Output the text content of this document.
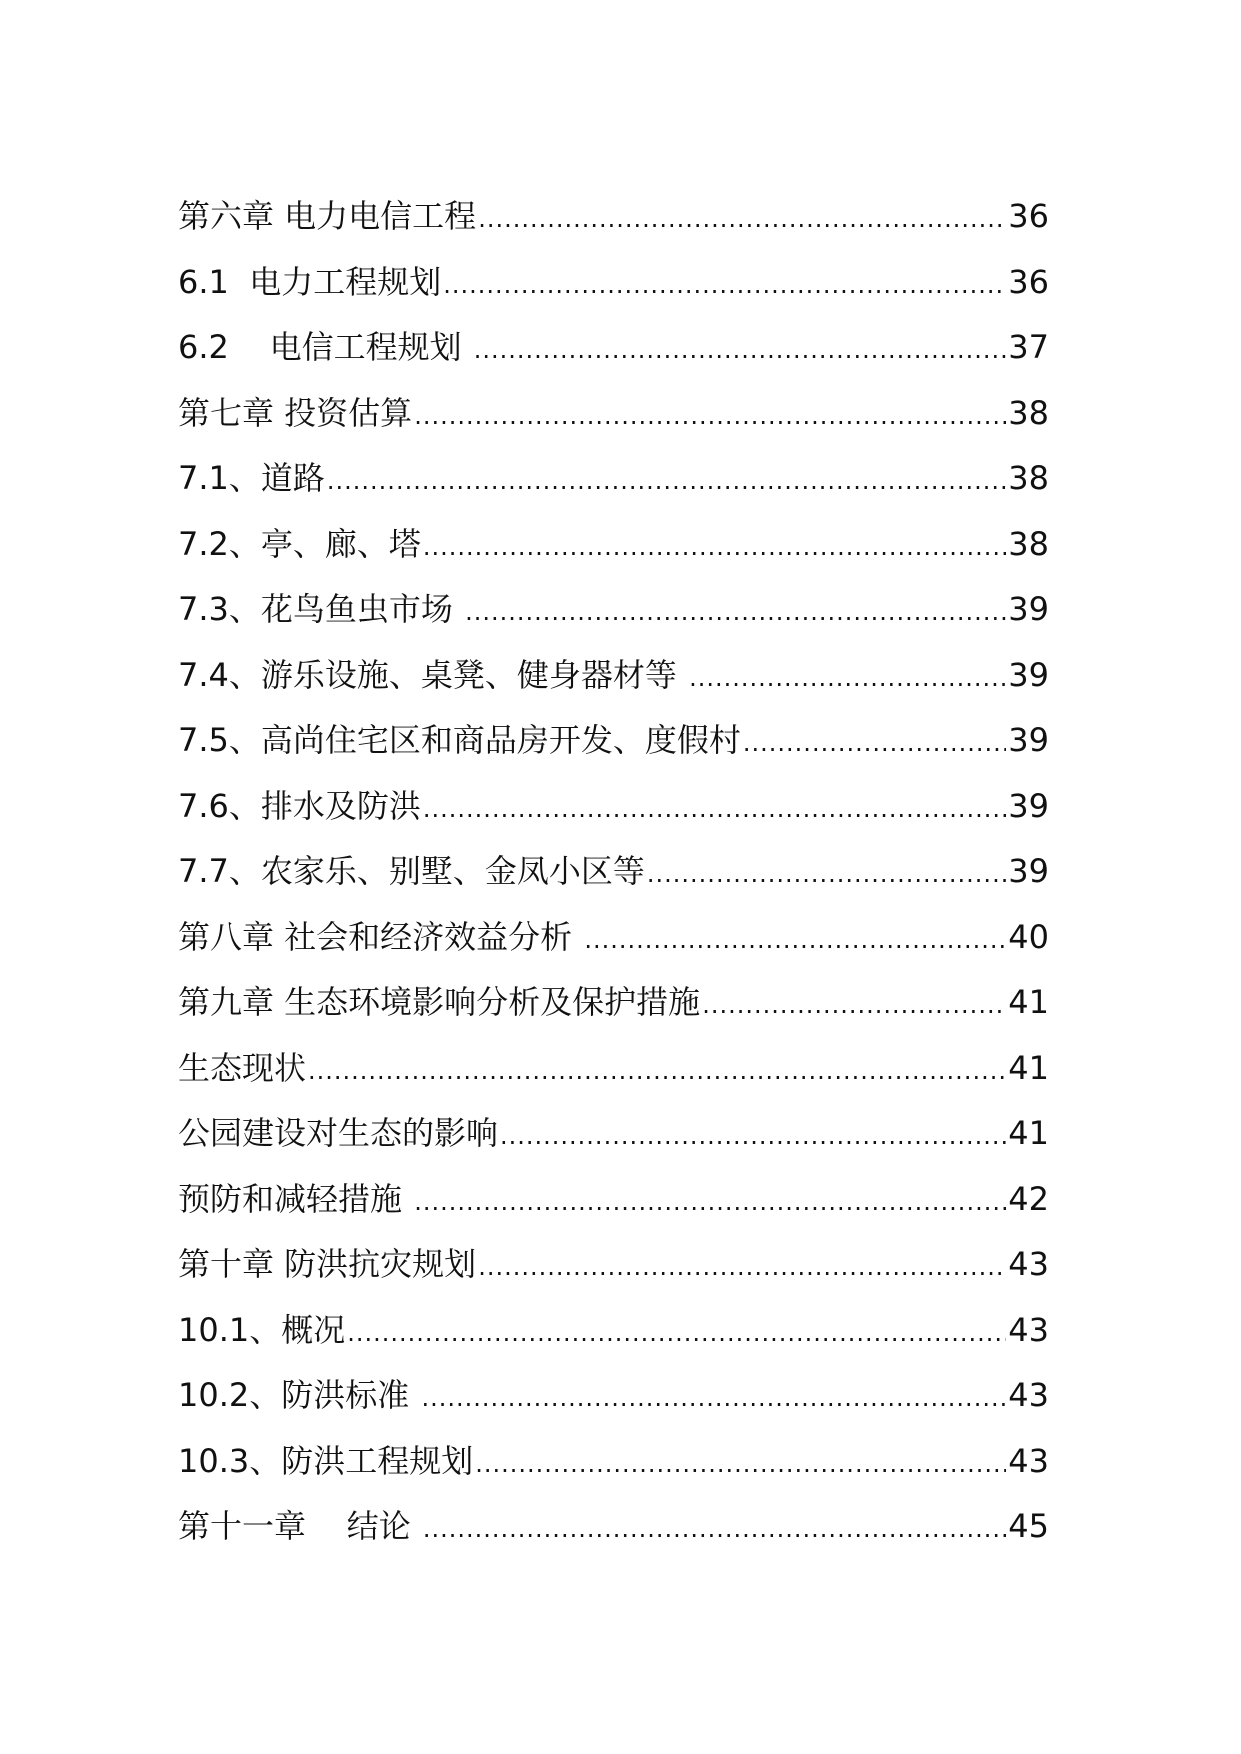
第六章 电力电信工程 .....	36
6.1  电力工程规划 .....	36
6.2    电信工程规划 .....	37
第七章 投资估算 .....	38
7.1、道路 .....	38
7.2、亭、廊、塔 .....	38
7.3、花鸟鱼虫市场 .....	39
7.4、游乐设施、桌凳、健身器材等 .....	39
7.5、高尚住宅区和商品房开发、度假村 .....	39
7.6、排水及防洪 .....	39
7.7、农家乐、别墅、金凤小区等 .....	39
第八章 社会和经济效益分析 .....	40
第九章 生态环境影响分析及保护措施 .....	41
生态现状 .....	41
公园建设对生态的影响 .....	41
预防和减轻措施 .....	42
第十章 防洪抗灾规划 .....	43
10.1、概况 .....	43
10.2、防洪标准 .....	43
10.3、防洪工程规划 .....	43
第十一章    结论 .....	45
